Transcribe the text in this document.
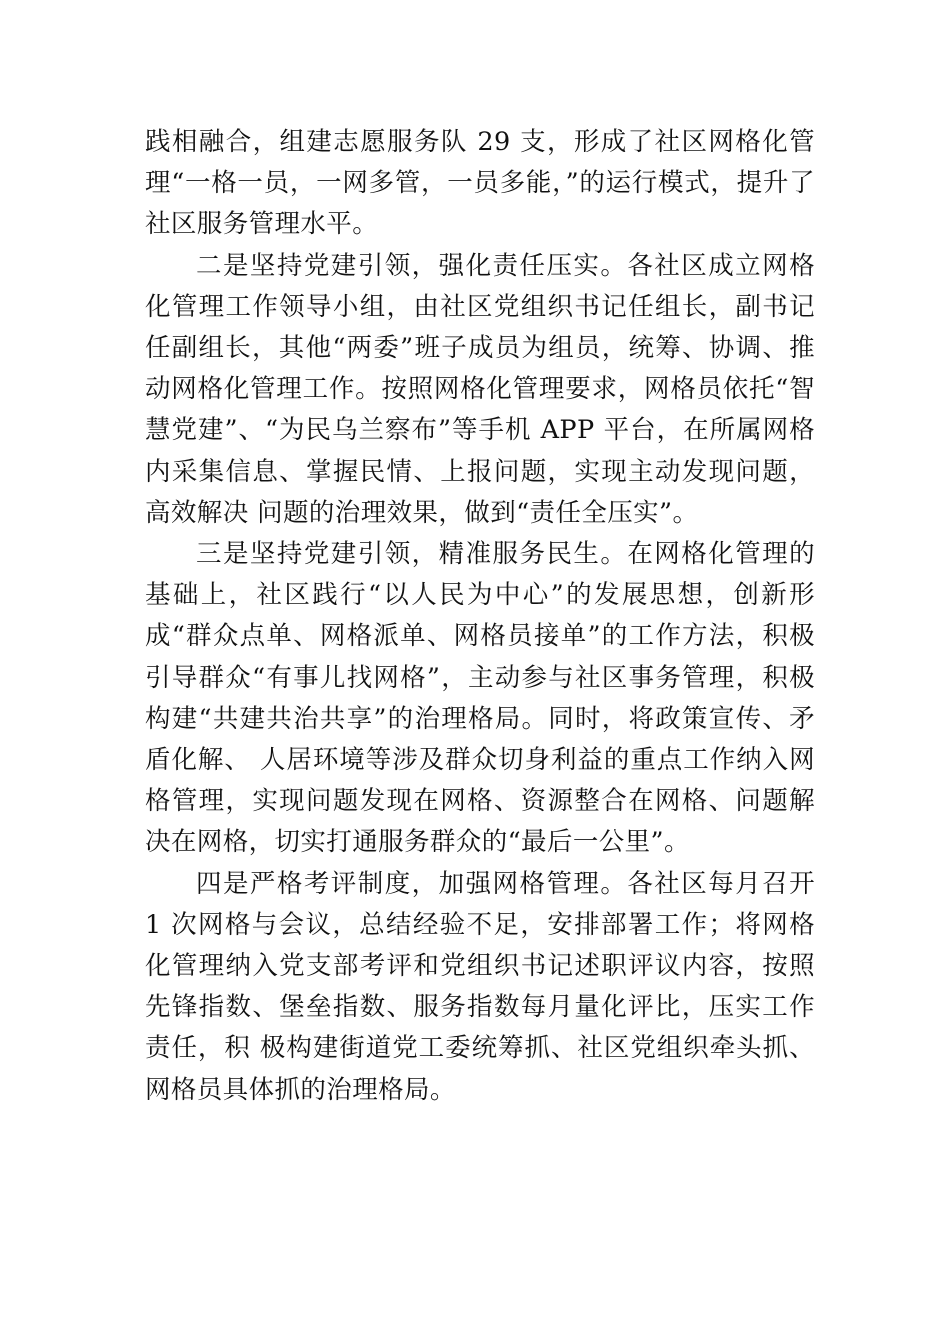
践相融合，组建志愿服务队 29 支，形成了社区网格化管理“一格一员，一网多管，一员多能，”的运行模式，提升了社区服务管理水平。

二是坚持党建引领，强化责任压实。各社区成立网格化管理工作领导小组，由社区党组织书记任组长，副书记任副组长，其他“两委”班子成员为组员，统筹、协调、推动网格化管理工作。按照网格化管理要求，网格员依托“智慧党建”、“为民乌兰察布”等手机 APP 平台，在所属网格内采集信息、掌握民情、上报问题，实现主动发现问题，高效解决 问题的治理效果，做到“责任全压实”。

三是坚持党建引领，精准服务民生。在网格化管理的基础上，社区践行“以人民为中心”的发展思想，创新形成“群众点单、网格派单、网格员接单”的工作方法，积极引导群众“有事儿找网格”，主动参与社区事务管理，积极构建“共建共治共享”的治理格局。同时，将政策宣传、矛盾化解、 人居环境等涉及群众切身利益的重点工作纳入网格管理，实现问题发现在网格、资源整合在网格、问题解决在网格，切实打通服务群众的“最后一公里”。

四是严格考评制度，加强网格管理。各社区每月召开 1 次网格与会议，总结经验不足，安排部署工作；将网格化管理纳入党支部考评和党组织书记述职评议内容，按照先锋指数、堡垒指数、服务指数每月量化评比，压实工作责任，积 极构建街道党工委统筹抓、社区党组织牵头抓、网格员具体抓的治理格局。
